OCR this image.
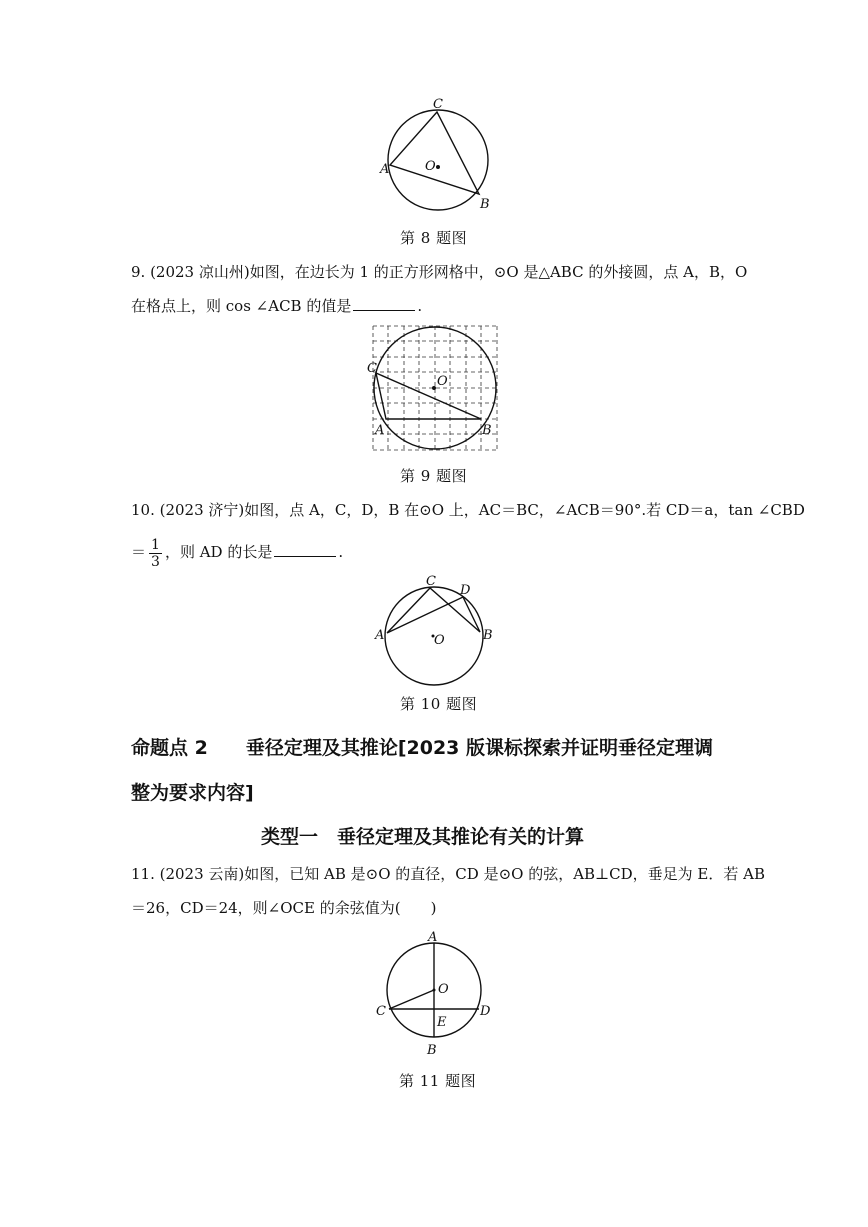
C
A	O
B
C
O
A	B
C
D
A	O	B
A
O
C	D
E
B
第 8 题图
9. (2023 凉山州)如图，在边长为 1 的正方形网格中，⊙O 是△ABC 的外接圆，点 A，B，O
在格点上，则 cos ∠ACB 的值是	.
第 9 题图
10. (2023 济宁)如图，点 A，C，D，B 在⊙O 上，AC＝BC，∠ACB＝90°.若 CD＝a，tan ∠CBD
＝ $\frac{1}{3}$ ，则 AD 的长是	.
第 10 题图
命题点 2　　垂径定理及其推论[2023 版课标探索并证明垂径定理调
整为要求内容]
类型一　垂径定理及其推论有关的计算
11. (2023 云南)如图，已知 AB 是⊙O 的直径，CD 是⊙O 的弦，AB⊥CD，垂足为 E．若 AB
＝26，CD＝24，则∠OCE 的余弦值为(　　)
第 11 题图
